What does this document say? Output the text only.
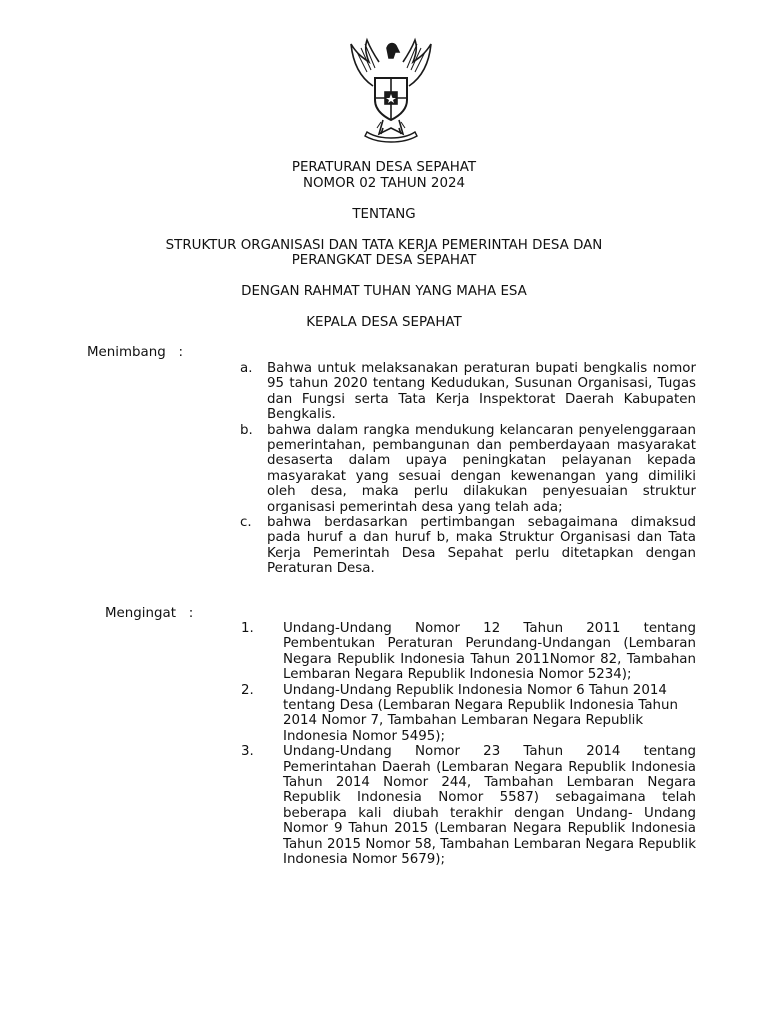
PERATURAN DESA SEPAHAT
NOMOR 02 TAHUN 2024
TENTANG
STRUKTUR ORGANISASI DAN TATA KERJA PEMERINTAH DESA DAN
PERANGKAT DESA SEPAHAT
DENGAN RAHMAT TUHAN YANG MAHA ESA
KEPALA DESA SEPAHAT
Menimbang   :
a. Bahwa untuk melaksanakan peraturan bupati bengkalis nomor 95 tahun 2020 tentang Kedudukan, Susunan Organisasi, Tugas dan Fungsi serta Tata Kerja Inspektorat Daerah Kabupaten Bengkalis.
b. bahwa dalam rangka mendukung kelancaran penyelenggaraan pemerintahan, pembangunan dan pemberdayaan masyarakat desaserta dalam upaya peningkatan pelayanan kepada masyarakat yang sesuai dengan kewenangan yang dimiliki oleh desa, maka perlu dilakukan penyesuaian struktur organisasi pemerintah desa yang telah ada;
c. bahwa berdasarkan pertimbangan sebagaimana dimaksud pada huruf a dan huruf b, maka Struktur Organisasi dan Tata Kerja Pemerintah Desa Sepahat perlu ditetapkan dengan Peraturan Desa.
Mengingat   :
1. Undang-Undang Nomor 12 Tahun 2011 tentang Pembentukan Peraturan Perundang-Undangan (Lembaran Negara Republik Indonesia Tahun 2011Nomor 82, Tambahan Lembaran Negara Republik Indonesia Nomor 5234);
2. Undang-Undang Republik Indonesia Nomor 6 Tahun 2014 tentang Desa (Lembaran Negara Republik Indonesia Tahun 2014 Nomor 7, Tambahan Lembaran Negara Republik Indonesia Nomor 5495);
3. Undang-Undang Nomor 23 Tahun 2014 tentang Pemerintahan Daerah (Lembaran Negara Republik Indonesia Tahun 2014 Nomor 244, Tambahan Lembaran Negara Republik Indonesia Nomor 5587) sebagaimana telah beberapa kali diubah terakhir dengan Undang- Undang Nomor 9 Tahun 2015 (Lembaran Negara Republik Indonesia Tahun 2015 Nomor 58, Tambahan Lembaran Negara Republik Indonesia Nomor 5679);
